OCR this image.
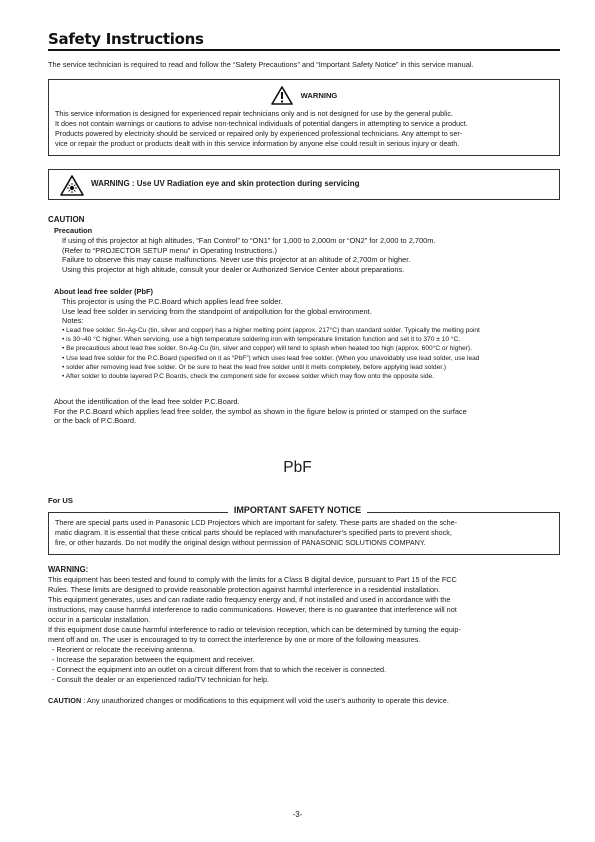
Safety Instructions
The service technician is required to read and follow the “Safety Precautions” and “Important Safety Notice” in this service manual.
WARNING
This service information is designed for experienced repair technicians only and is not designed for use by the general public.
It does not contain warnings or cautions to advise non-technical individuals of potential dangers in attempting to service a product.
Products powered by electricity should be serviced or repaired only by experienced professional technicians. Any attempt to ser-
vice or repair the product or products dealt with in this service information by anyone else could result in serious injury or death.
WARNING : Use UV Radiation eye and skin protection during servicing
CAUTION
Precaution
If using of this projector at high altitudes, “Fan Control” to “ON1” for 1,000 to 2,000m or “ON2” for 2,000 to 2,700m.
(Refer to “PROJECTOR SETUP menu” in Operating Instructions.)
Failure to observe this may cause malfunctions. Never use this projector at an altitude of 2,700m or higher.
Using this projector at high altitude, consult your dealer or Authorized Service Center about preparations.
About lead free solder (PbF)
This projector is using the P.C.Board which applies lead free solder.
Use lead free solder in servicing from the standpoint of antipollution for the global environment.
Notes:
• Lead free solder: Sn-Ag-Cu (tin, silver and copper) has a higher melting point (approx. 217°C) than standard solder. Typically the melting point
• is 30~40 °C higher. When servicing, use a high temperature soldering iron with temperature limitation function and set it to 370 ± 10 °C.
• Be precautious about lead free solder. Sn-Ag-Cu (tin, silver and copper) will tend to splash when heated too high (approx. 600°C or higher).
• Use lead free solder for the P.C.Board (specified on it as “PbF”) which uses lead free solder. (When you unavoidably use lead solder, use lead
• solder after removing lead free solder. Or be sure to heat the lead free solder until it melts completely, before applying lead solder.)
• After solder to double layered P.C Boards, check the component side for exceee solder which may flow onto the opposite side.
About the identification of the lead free solder P.C.Board.
For the P.C.Board which applies lead free solder, the symbol as shown in the figure below is printed or stamped on the surface
or the back of P.C.Board.
PbF
For US
There are special parts used in Panasonic LCD Projectors which are important for safety. These parts are shaded on the sche-
matic diagram. It is essential that these critical parts should be replaced with manufacturer’s specified parts to prevent shock,
fire, or other hazards. Do not modify the original design without permission of PANASONIC SOLUTIONS COMPANY.
IMPORTANT SAFETY NOTICE
WARNING:
This equipment has been tested and found to comply with the limits for a Class B digital device, pursuant to Part 15 of the FCC
Rules. These limits are designed to provide reasonable protection against harmful interference in a residential installation.
This equipment generates, uses and can radiate radio frequency energy and, if not installed and used in accordance with the
instructions, may cause harmful interference to radio communications. However, there is no guarantee that interference will not
occur in a particular installation.
If this equipment dose cause harmful interference to radio or television reception, which can be determined by turning the equip-
ment off and on. The user is encouraged to try to correct the interference by one or more of the following measures.
- Reorient or relocate the receiving antenna.
- Increase the separation between the equipment and receiver.
- Connect the equipment into an outlet on a circuit different from that to which the receiver is connected.
- Consult the dealer or an experienced radio/TV technician for help.
CAUTION : Any unauthorized changes or modifications to this equipment will void the user’s authority to operate this device.
-3-
